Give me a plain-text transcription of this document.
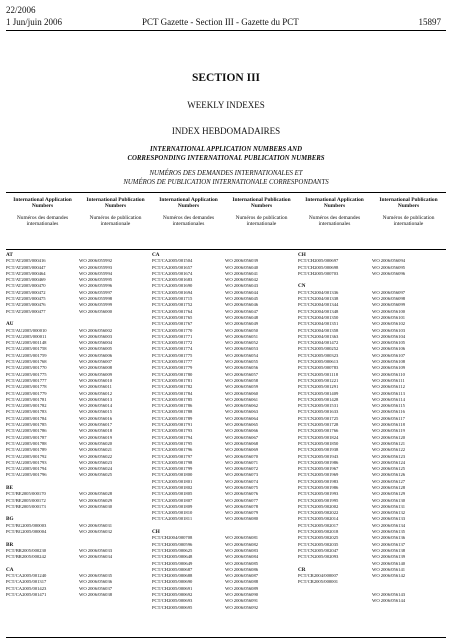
22/2006
1 Jun/juin 2006	PCT Gazette - Section III - Gazette du PCT	15897
SECTION III
WEEKLY INDEXES
INDEX HEBDOMADAIRES
INTERNATIONAL APPLICATION NUMBERS AND
CORRESPONDING INTERNATIONAL PUBLICATION NUMBERS
NUMÉROS DES DEMANDES INTERNATIONALES ET
NUMÉROS DE PUBLICATION INTERNATIONALE CORRESPONDANTS
International Application Numbers
Numéros des demandes internationales
International Publication Numbers
Numéros de publication internationale
International Application Numbers
Numéros des demandes internationales
International Publication Numbers
Numéros de publication internationale
International Application Numbers
Numéros des demandes internationales
International Publication Numbers
Numéros de publication internationale
AT
PCT/AT2005/000416
PCT/AT2005/000447
PCT/AT2005/000464
PCT/AT2005/000469
PCT/AT2005/000470
PCT/AT2005/000472
PCT/AT2005/000475
PCT/AT2005/000476
PCT/AT2005/000477
AU
PCT/AU2005/000010
PCT/AU2005/000011
PCT/AU2005/001148
PCT/AU2005/001758
PCT/AU2005/001759
PCT/AU2005/001768
PCT/AU2005/001770
PCT/AU2005/001775
PCT/AU2005/001777
PCT/AU2005/001778
PCT/AU2005/001779
PCT/AU2005/001781
PCT/AU2005/001782
PCT/AU2005/001783
PCT/AU2005/001784
PCT/AU2005/001785
PCT/AU2005/001786
PCT/AU2005/001787
PCT/AU2005/001788
PCT/AU2005/001789
PCT/AU2005/001792
PCT/AU2005/001793
PCT/AU2005/001794
PCT/AU2005/001796
BE
PCT/BE2005/000170
PCT/BE2005/000172
PCT/BE2005/000173
BG
PCT/BG2005/000003
PCT/BG2005/000004
BR
PCT/BR2005/000230
PCT/BR2005/000242
CA
PCT/CA2005/001240
PCT/CA2005/001317
PCT/CA2005/001423
PCT/CA2005/001471
WO 2006/055992
WO 2006/055993
WO 2006/055994
WO 2006/055995
WO 2006/055996
WO 2006/055997
WO 2006/055998
WO 2006/055999
WO 2006/056000
WO 2006/056002
WO 2006/056003
WO 2006/056004
WO 2006/056005
WO 2006/056006
WO 2006/056007
WO 2006/056008
WO 2006/056009
WO 2006/056010
WO 2006/056011
WO 2006/056012
WO 2006/056013
WO 2006/056014
WO 2006/056015
WO 2006/056016
WO 2006/056017
WO 2006/056018
WO 2006/056019
WO 2006/056020
WO 2006/056021
WO 2006/056022
WO 2006/056023
WO 2006/056024
WO 2006/056025
WO 2006/056028
WO 2006/056029
WO 2006/056030
WO 2006/056031
WO 2006/056032
WO 2006/056033
WO 2006/056034
WO 2006/056035
WO 2006/056036
WO 2006/056037
WO 2006/056038
CA
PCT/CA2005/001504
PCT/CA2005/001657
PCT/CA2005/001674
PCT/CA2005/001683
PCT/CA2005/001690
PCT/CA2005/001694
PCT/CA2005/001715
PCT/CA2005/001752
PCT/CA2005/001764
PCT/CA2005/001765
PCT/CA2005/001767
PCT/CA2005/001770
PCT/CA2005/001771
PCT/CA2005/001772
PCT/CA2005/001774
PCT/CA2005/001775
PCT/CA2005/001777
PCT/CA2005/001779
PCT/CA2005/001780
PCT/CA2005/001781
PCT/CA2005/001782
PCT/CA2005/001784
PCT/CA2005/001785
PCT/CA2005/001786
PCT/CA2005/001788
PCT/CA2005/001789
PCT/CA2005/001791
PCT/CA2005/001793
PCT/CA2005/001794
PCT/CA2005/001795
PCT/CA2005/001796
PCT/CA2005/001797
PCT/CA2005/001798
PCT/CA2005/001799
PCT/CA2005/001800
PCT/CA2005/001801
PCT/CA2005/001802
PCT/CA2005/001805
PCT/CA2005/001807
PCT/CA2005/001809
PCT/CA2005/001810
PCT/CA2005/001811
CH
PCT/CH2004/000708
PCT/CH2005/000596
PCT/CH2005/000625
PCT/CH2005/000648
PCT/CH2005/000649
PCT/CH2005/000687
PCT/CH2005/000688
PCT/CH2005/000690
PCT/CH2005/000691
PCT/CH2005/000692
PCT/CH2005/000693
PCT/CH2005/000695
WO 2006/056039
WO 2006/056040
WO 2006/056041
WO 2006/056042
WO 2006/056043
WO 2006/056044
WO 2006/056045
WO 2006/056046
WO 2006/056047
WO 2006/056048
WO 2006/056049
WO 2006/056050
WO 2006/056051
WO 2006/056052
WO 2006/056053
WO 2006/056054
WO 2006/056055
WO 2006/056056
WO 2006/056057
WO 2006/056058
WO 2006/056059
WO 2006/056060
WO 2006/056061
WO 2006/056062
WO 2006/056063
WO 2006/056064
WO 2006/056065
WO 2006/056066
WO 2006/056067
WO 2006/056068
WO 2006/056069
WO 2006/056070
WO 2006/056071
WO 2006/056072
WO 2006/056073
WO 2006/056074
WO 2006/056075
WO 2006/056076
WO 2006/056077
WO 2006/056078
WO 2006/056079
WO 2006/056080
WO 2006/056081
WO 2006/056082
WO 2006/056083
WO 2006/056084
WO 2006/056085
WO 2006/056086
WO 2006/056087
WO 2006/056088
WO 2006/056089
WO 2006/056090
WO 2006/056091
WO 2006/056092
CH
PCT/CH2005/000697
PCT/CH2005/000698
PCT/CH2005/000703
CN
PCT/CN2004/001336
PCT/CN2004/001338
PCT/CN2004/001344
PCT/CN2004/001348
PCT/CN2004/001350
PCT/CN2004/001351
PCT/CN2004/001358
PCT/CN2004/001363
PCT/CN2004/001472
PCT/CN2005/000252
PCT/CN2005/000323
PCT/CN2005/000613
PCT/CN2005/000783
PCT/CN2005/001118
PCT/CN2005/001221
PCT/CN2005/001291
PCT/CN2005/001409
PCT/CN2005/001428
PCT/CN2005/001531
PCT/CN2005/001633
PCT/CN2005/001725
PCT/CN2005/001728
PCT/CN2005/001766
PCT/CN2005/001824
PCT/CN2005/001850
PCT/CN2005/001938
PCT/CN2005/001943
PCT/CN2005/001986
PCT/CN2005/001967
PCT/CN2005/001969
PCT/CN2005/001983
PCT/CN2005/001986
PCT/CN2005/001993
PCT/CN2005/001995
PCT/CN2005/002002
PCT/CN2005/002022
PCT/CN2005/002014
PCT/CN2005/002017
PCT/CN2005/002018
PCT/CN2005/002025
PCT/CN2005/002035
PCT/CN2005/002047
PCT/CN2005/002093
CR
PCT/CR2004/000007
PCT/CR2005/000001
WO 2006/056094
WO 2006/056095
WO 2006/056096
WO 2006/056097
WO 2006/056098
WO 2006/056099
WO 2006/056100
WO 2006/056101
WO 2006/056102
WO 2006/056103
WO 2006/056104
WO 2006/056105
WO 2006/056106
WO 2006/056107
WO 2006/056108
WO 2006/056109
WO 2006/056110
WO 2006/056111
WO 2006/056112
WO 2006/056113
WO 2006/056114
WO 2006/056115
WO 2006/056116
WO 2006/056117
WO 2006/056118
WO 2006/056119
WO 2006/056120
WO 2006/056121
WO 2006/056122
WO 2006/056123
WO 2006/056124
WO 2006/056125
WO 2006/056126
WO 2006/056127
WO 2006/056128
WO 2006/056129
WO 2006/056130
WO 2006/056131
WO 2006/056132
WO 2006/056133
WO 2006/056134
WO 2006/056135
WO 2006/056136
WO 2006/056137
WO 2006/056138
WO 2006/056139
WO 2006/056140
WO 2006/056141
WO 2006/056142
WO 2006/056143
WO 2006/056144
